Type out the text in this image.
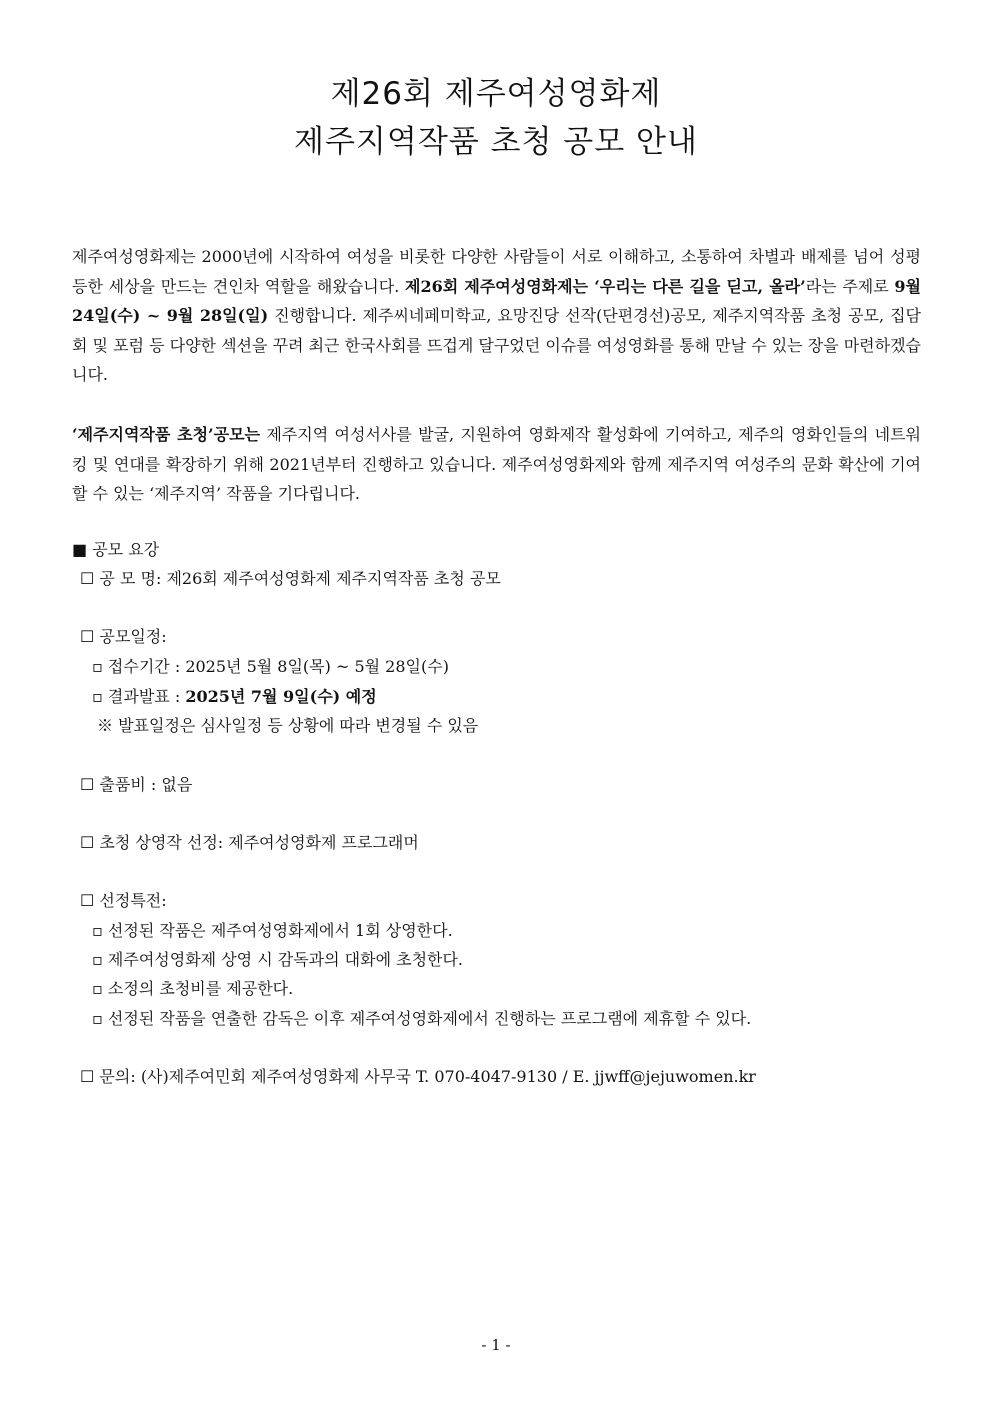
제26회 제주여성영화제
제주지역작품 초청 공모 안내

제주여성영화제는 2000년에 시작하여 여성을 비롯한 다양한 사람들이 서로 이해하고, 소통하여 차별과 배제를 넘어 성평등한 세상을 만드는 견인차 역할을 해왔습니다. 제26회 제주여성영화제는 ‘우리는 다른 길을 딛고, 올라’라는 주제로 9월 24일(수) ~ 9월 28일(일) 진행합니다. 제주씨네페미학교, 요망진당 선작(단편경선)공모, 제주지역작품 초청 공모, 집담회 및 포럼 등 다양한 섹션을 꾸려 최근 한국사회를 뜨겁게 달구었던 이슈를 여성영화를 통해 만날 수 있는 장을 마련하겠습니다.

‘제주지역작품 초청’공모는 제주지역 여성서사를 발굴, 지원하여 영화제작 활성화에 기여하고, 제주의 영화인들의 네트워킹 및 연대를 확장하기 위해 2021년부터 진행하고 있습니다. 제주여성영화제와 함께 제주지역 여성주의 문화 확산에 기여할 수 있는 ‘제주지역’ 작품을 기다립니다.

■ 공모 요강
☐ 공 모 명: 제26회 제주여성영화제 제주지역작품 초청 공모
☐ 공모일정:
▫ 접수기간 : 2025년 5월 8일(목) ~ 5월 28일(수)
▫ 결과발표 : 2025년 7월 9일(수) 예정
※ 발표일정은 심사일정 등 상황에 따라 변경될 수 있음
☐ 출품비 : 없음
☐ 초청 상영작 선정: 제주여성영화제 프로그래머
☐ 선정특전:
▫ 선정된 작품은 제주여성영화제에서 1회 상영한다.
▫ 제주여성영화제 상영 시 감독과의 대화에 초청한다.
▫ 소정의 초청비를 제공한다.
▫ 선정된 작품을 연출한 감독은 이후 제주여성영화제에서 진행하는 프로그램에 제휴할 수 있다.
☐ 문의: (사)제주여민회 제주여성영화제 사무국 T. 070-4047-9130 / E. jjwff@jejuwomen.kr
- 1 -
